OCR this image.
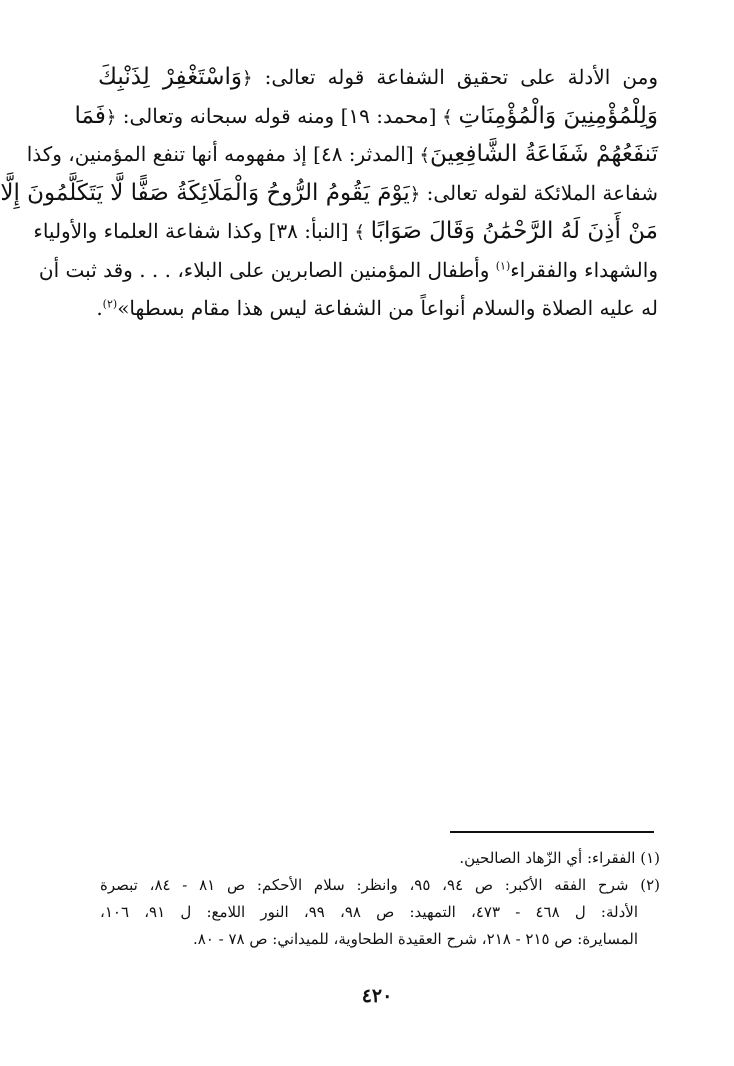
ومن الأدلة على تحقيق الشفاعة قوله تعالى: ﴿وَاسْتَغْفِرْ لِذَنْبِكَ
وَلِلْمُؤْمِنِينَ وَالْمُؤْمِنَاتِ ﴾ [محمد: ١٩] ومنه قوله سبحانه وتعالى: ﴿فَمَا
تَنفَعُهُمْ شَفَاعَةُ الشَّافِعِينَ﴾ [المدثر: ٤٨] إذ مفهومه أنها تنفع المؤمنين، وكذا
شفاعة الملائكة لقوله تعالى: ﴿يَوْمَ يَقُومُ الرُّوحُ وَالْمَلَائِكَةُ صَفًّا لَّا يَتَكَلَّمُونَ إِلَّا
مَنْ أَذِنَ لَهُ الرَّحْمَٰنُ وَقَالَ صَوَابًا ﴾ [النبأ: ٣٨] وكذا شفاعة العلماء والأولياء
والشهداء والفقراء$^{(١)}$ وأطفال المؤمنين الصابرين على البلاء، . . . وقد ثبت أن
له عليه الصلاة والسلام أنواعاً من الشفاعة ليس هذا مقام بسطها»$^{(٢)}$.
(١) الفقراء: أي الزّهاد الصالحين.
(٢) شرح الفقه الأكبر: ص ٩٤، ٩٥، وانظر: سلام الأحكم: ص ٨١ - ٨٤، تبصرة
الأدلة: ل ٤٦٨ - ٤٧٣، التمهيد: ص ٩٨، ٩٩، النور اللامع: ل ٩١، ١٠٦،
المسايرة: ص ٢١٥ - ٢١٨، شرح العقيدة الطحاوية، للميداني: ص ٧٨ - ٨٠.
٤٢٠
